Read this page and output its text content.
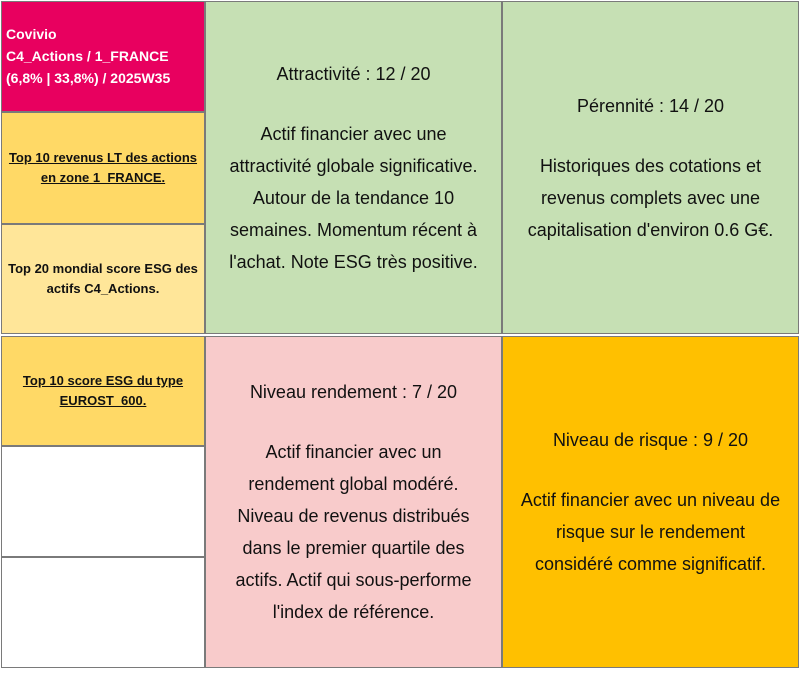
Covivio
C4_Actions / 1_FRANCE
(6,8% | 33,8%) / 2025W35
Top 10 revenus LT des actions en zone 1_FRANCE.
Top 20 mondial score ESG des actifs C4_Actions.
Top 10 score ESG du type EUROST_600.
Attractivité : 12 / 20
Actif financier avec une
attractivité globale significative.
Autour de la tendance 10
semaines. Momentum récent à
l'achat. Note ESG très positive.
Pérennité : 14 / 20
Historiques des cotations et
revenus complets avec une
capitalisation d'environ 0.6 G€.
Niveau rendement : 7 / 20
Actif financier avec un
rendement global modéré.
Niveau de revenus distribués
dans le premier quartile des
actifs. Actif qui sous-performe
l'index de référence.
Niveau de risque : 9 / 20
Actif financier avec un niveau de
risque sur le rendement
considéré comme significatif.
